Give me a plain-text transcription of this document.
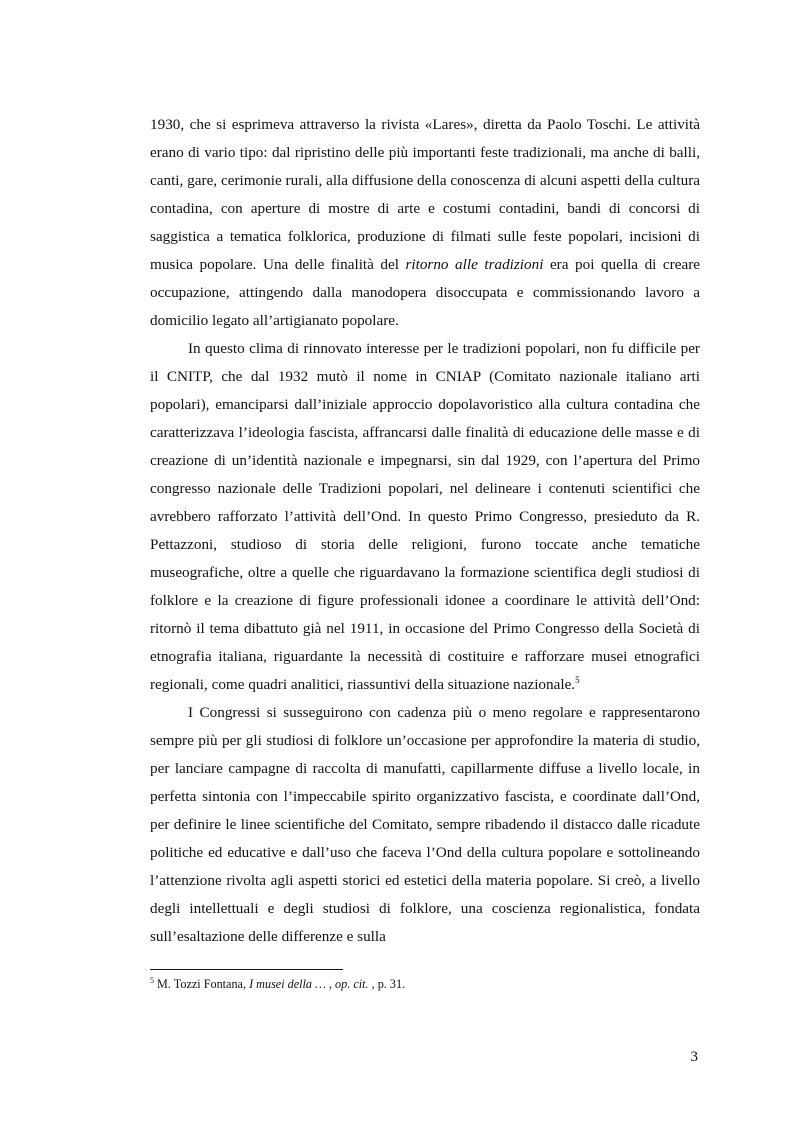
1930, che si esprimeva attraverso la rivista «Lares», diretta da Paolo Toschi. Le attività erano di vario tipo: dal ripristino delle più importanti feste tradizionali, ma anche di balli, canti, gare, cerimonie rurali, alla diffusione della conoscenza di alcuni aspetti della cultura contadina, con aperture di mostre di arte e costumi contadini, bandi di concorsi di saggistica a tematica folklorica, produzione di filmati sulle feste popolari, incisioni di musica popolare. Una delle finalità del ritorno alle tradizioni era poi quella di creare occupazione, attingendo dalla manodopera disoccupata e commissionando lavoro a domicilio legato all’artigianato popolare.

In questo clima di rinnovato interesse per le tradizioni popolari, non fu difficile per il CNITP, che dal 1932 mutò il nome in CNIAP (Comitato nazionale italiano arti popolari), emanciparsi dall’iniziale approccio dopolavoristico alla cultura contadina che caratterizzava l’ideologia fascista, affrancarsi dalle finalità di educazione delle masse e di creazione di un’identità nazionale e impegnarsi, sin dal 1929, con l’apertura del Primo congresso nazionale delle Tradizioni popolari, nel delineare i contenuti scientifici che avrebbero rafforzato l’attività dell’Ond. In questo Primo Congresso, presieduto da R. Pettazzoni, studioso di storia delle religioni, furono toccate anche tematiche museografiche, oltre a quelle che riguardavano la formazione scientifica degli studiosi di folklore e la creazione di figure professionali idonee a coordinare le attività dell’Ond: ritornò il tema dibattuto già nel 1911, in occasione del Primo Congresso della Società di etnografia italiana, riguardante la necessità di costituire e rafforzare musei etnografici regionali, come quadri analitici, riassuntivi della situazione nazionale.$^5$

I Congressi si susseguirono con cadenza più o meno regolare e rappresentarono sempre più per gli studiosi di folklore un’occasione per approfondire la materia di studio, per lanciare campagne di raccolta di manufatti, capillarmente diffuse a livello locale, in perfetta sintonia con l’impeccabile spirito organizzativo fascista, e coordinate dall’Ond, per definire le linee scientifiche del Comitato, sempre ribadendo il distacco dalle ricadute politiche ed educative e dall’uso che faceva l’Ond della cultura popolare e sottolineando l’attenzione rivolta agli aspetti storici ed estetici della materia popolare. Si creò, a livello degli intellettuali e degli studiosi di folklore, una coscienza regionalistica, fondata sull’esaltazione delle differenze e sulla

$^5$ M. Tozzi Fontana, I musei della … , op. cit. , p. 31.
3
